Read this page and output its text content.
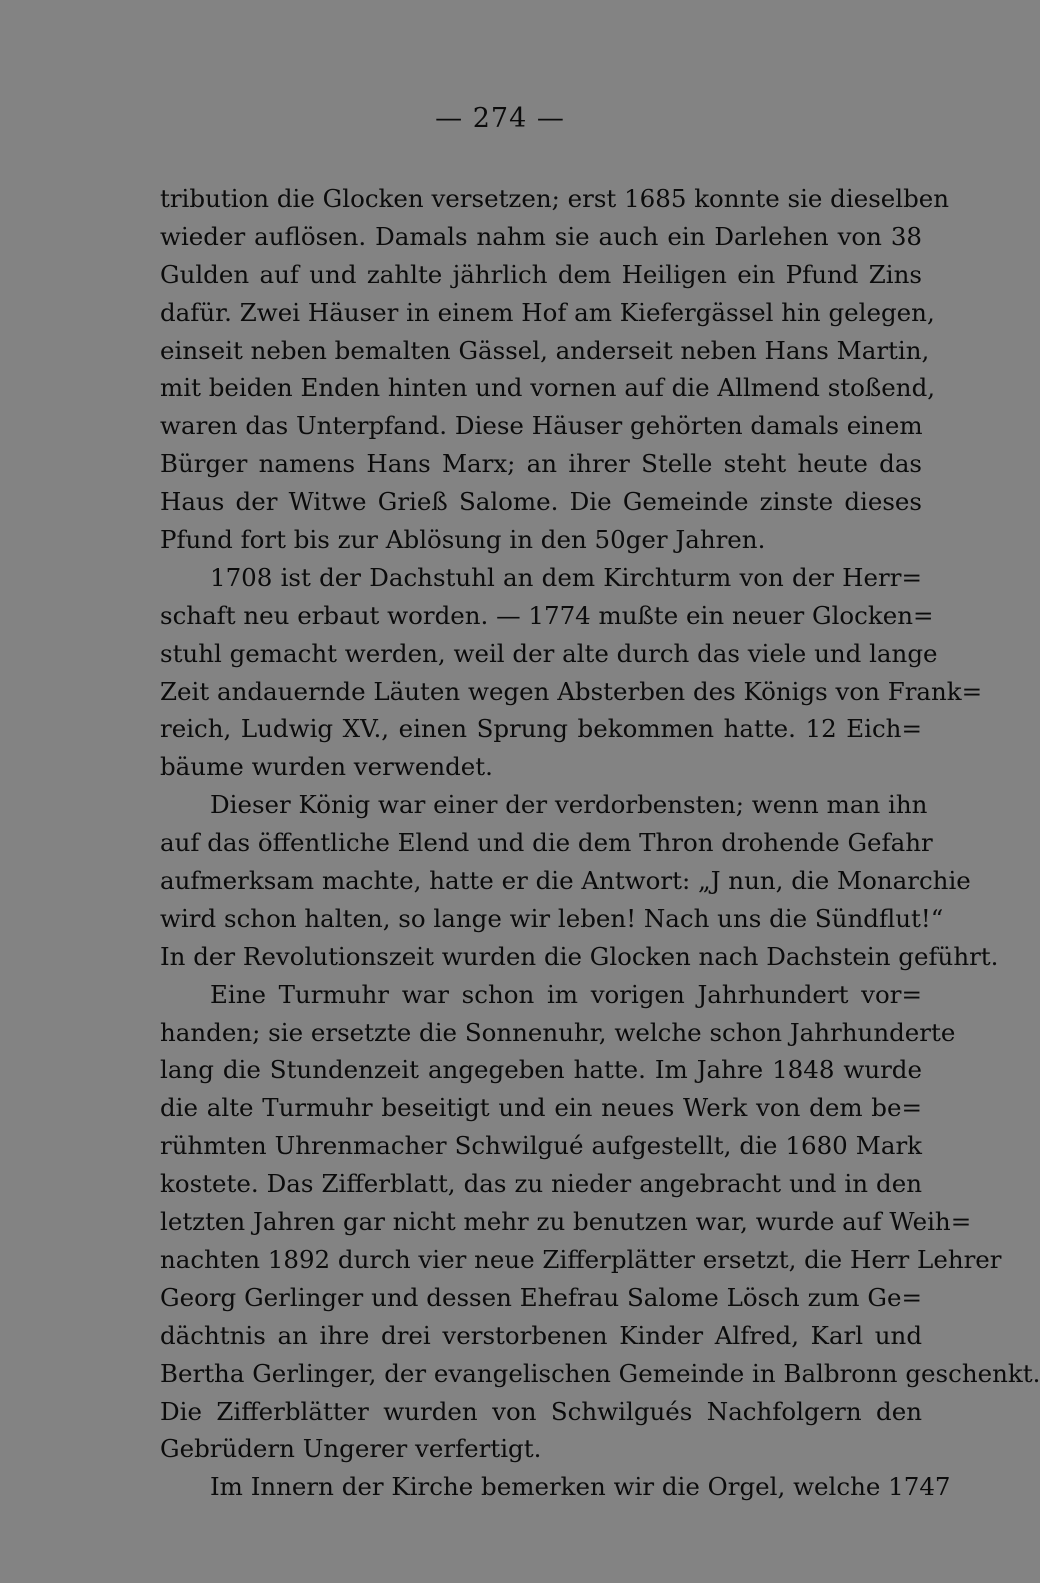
— 274 —
tribution die Glocken versetzen; erst 1685 konnte sie dieselben
wieder auflösen. Damals nahm sie auch ein Darlehen von 38
Gulden auf und zahlte jährlich dem Heiligen ein Pfund Zins
dafür. Zwei Häuser in einem Hof am Kiefergässel hin gelegen,
einseit neben bemalten Gässel, anderseit neben Hans Martin,
mit beiden Enden hinten und vornen auf die Allmend stoßend,
waren das Unterpfand. Diese Häuser gehörten damals einem
Bürger namens Hans Marx; an ihrer Stelle steht heute das
Haus der Witwe Grieß Salome. Die Gemeinde zinste dieses
Pfund fort bis zur Ablösung in den 50ger Jahren.
1708 ist der Dachstuhl an dem Kirchturm von der Herr=
schaft neu erbaut worden. — 1774 mußte ein neuer Glocken=
stuhl gemacht werden, weil der alte durch das viele und lange
Zeit andauernde Läuten wegen Absterben des Königs von Frank=
reich, Ludwig XV., einen Sprung bekommen hatte. 12 Eich=
bäume wurden verwendet.
Dieser König war einer der verdorbensten; wenn man ihn
auf das öffentliche Elend und die dem Thron drohende Gefahr
aufmerksam machte, hatte er die Antwort: „J nun, die Monarchie
wird schon halten, so lange wir leben! Nach uns die Sündflut!“
In der Revolutionszeit wurden die Glocken nach Dachstein geführt.
Eine Turmuhr war schon im vorigen Jahrhundert vor=
handen; sie ersetzte die Sonnenuhr, welche schon Jahrhunderte
lang die Stundenzeit angegeben hatte. Im Jahre 1848 wurde
die alte Turmuhr beseitigt und ein neues Werk von dem be=
rühmten Uhrenmacher Schwilgué aufgestellt, die 1680 Mark
kostete. Das Zifferblatt, das zu nieder angebracht und in den
letzten Jahren gar nicht mehr zu benutzen war, wurde auf Weih=
nachten 1892 durch vier neue Zifferplätter ersetzt, die Herr Lehrer
Georg Gerlinger und dessen Ehefrau Salome Lösch zum Ge=
dächtnis an ihre drei verstorbenen Kinder Alfred, Karl und
Bertha Gerlinger, der evangelischen Gemeinde in Balbronn geschenkt.
Die Zifferblätter wurden von Schwilgués Nachfolgern den
Gebrüdern Ungerer verfertigt.
Im Innern der Kirche bemerken wir die Orgel, welche 1747
